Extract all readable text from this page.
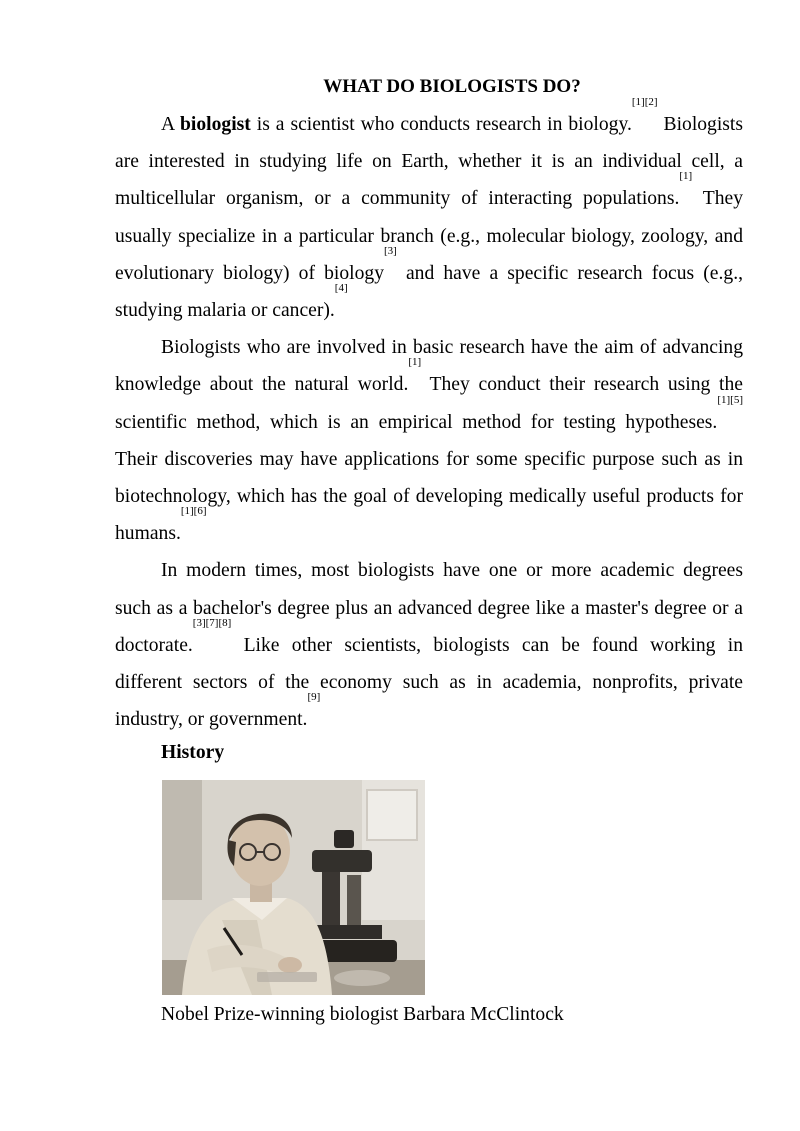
WHAT DO BIOLOGISTS DO?

A biologist is a scientist who conducts research in biology.[1][2] Biologists are interested in studying life on Earth, whether it is an individual cell, a multicellular organism, or a community of interacting populations.[1] They usually specialize in a particular branch (e.g., molecular biology, zoology, and evolutionary biology) of biology[3] and have a specific research focus (e.g., studying malaria or cancer).[4]

Biologists who are involved in basic research have the aim of advancing knowledge about the natural world.[1] They conduct their research using the scientific method, which is an empirical method for testing hypotheses.[1][5] Their discoveries may have applications for some specific purpose such as in biotechnology, which has the goal of developing medically useful products for humans.[1][6]

In modern times, most biologists have one or more academic degrees such as a bachelor's degree plus an advanced degree like a master's degree or a doctorate.[3][7][8] Like other scientists, biologists can be found working in different sectors of the economy such as in academia, nonprofits, private industry, or government.[9]

History

Nobel Prize-winning biologist Barbara McClintock
